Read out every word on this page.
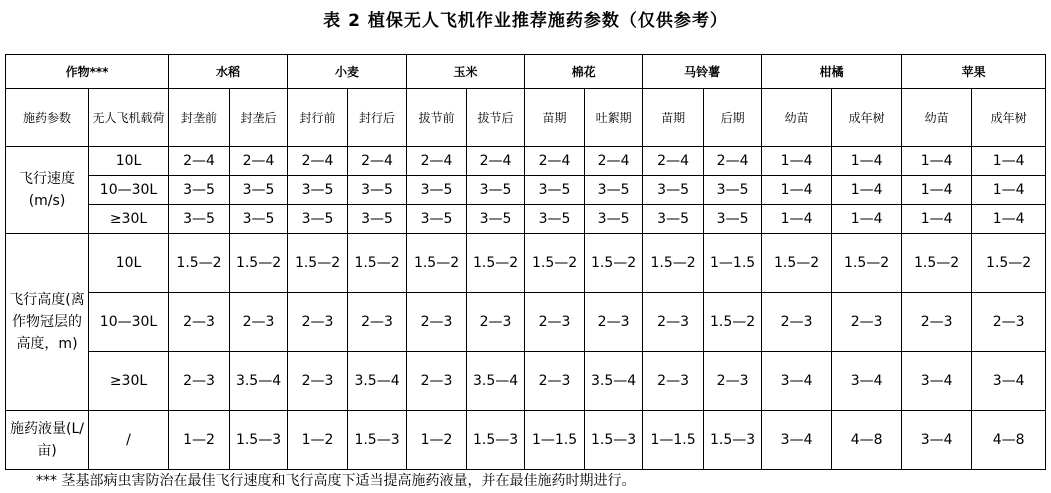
表 2 植保无人飞机作业推荐施药参数（仅供参考）
作物***		水稻		小麦		玉米		棉花		马铃薯		柑橘		苹果	
施药参数	无人飞机载荷	封垄前	封垄后	封行前	封行后	拔节前	拔节后	苗期	吐絮期	苗期	后期	幼苗	成年树	幼苗	成年树
飞行速度(m/s)	10L	2—4	2—4	2—4	2—4	2—4	2—4	2—4	2—4	2—4	2—4	1—4	1—4	1—4	1—4
	10—30L	3—5	3—5	3—5	3—5	3—5	3—5	3—5	3—5	3—5	3—5	1—4	1—4	1—4	1—4
	≥30L	3—5	3—5	3—5	3—5	3—5	3—5	3—5	3—5	3—5	3—5	1—4	1—4	1—4	1—4
飞行高度(离作物冠层的高度，m)	10L	1.5—2	1.5—2	1.5—2	1.5—2	1.5—2	1.5—2	1.5—2	1.5—2	1.5—2	1—1.5	1.5—2	1.5—2	1.5—2	1.5—2
	10—30L	2—3	2—3	2—3	2—3	2—3	2—3	2—3	2—3	2—3	1.5—2	2—3	2—3	2—3	2—3
	≥30L	2—3	3.5—4	2—3	3.5—4	2—3	3.5—4	2—3	3.5—4	2—3	2—3	3—4	3—4	3—4	3—4
施药液量(L/亩)	/	1—2	1.5—3	1—2	1.5—3	1—2	1.5—3	1—1.5	1.5—3	1—1.5	1.5—3	3—4	4—8	3—4	4—8
*** 茎基部病虫害防治在最佳飞行速度和飞行高度下适当提高施药液量，并在最佳施药时期进行。
